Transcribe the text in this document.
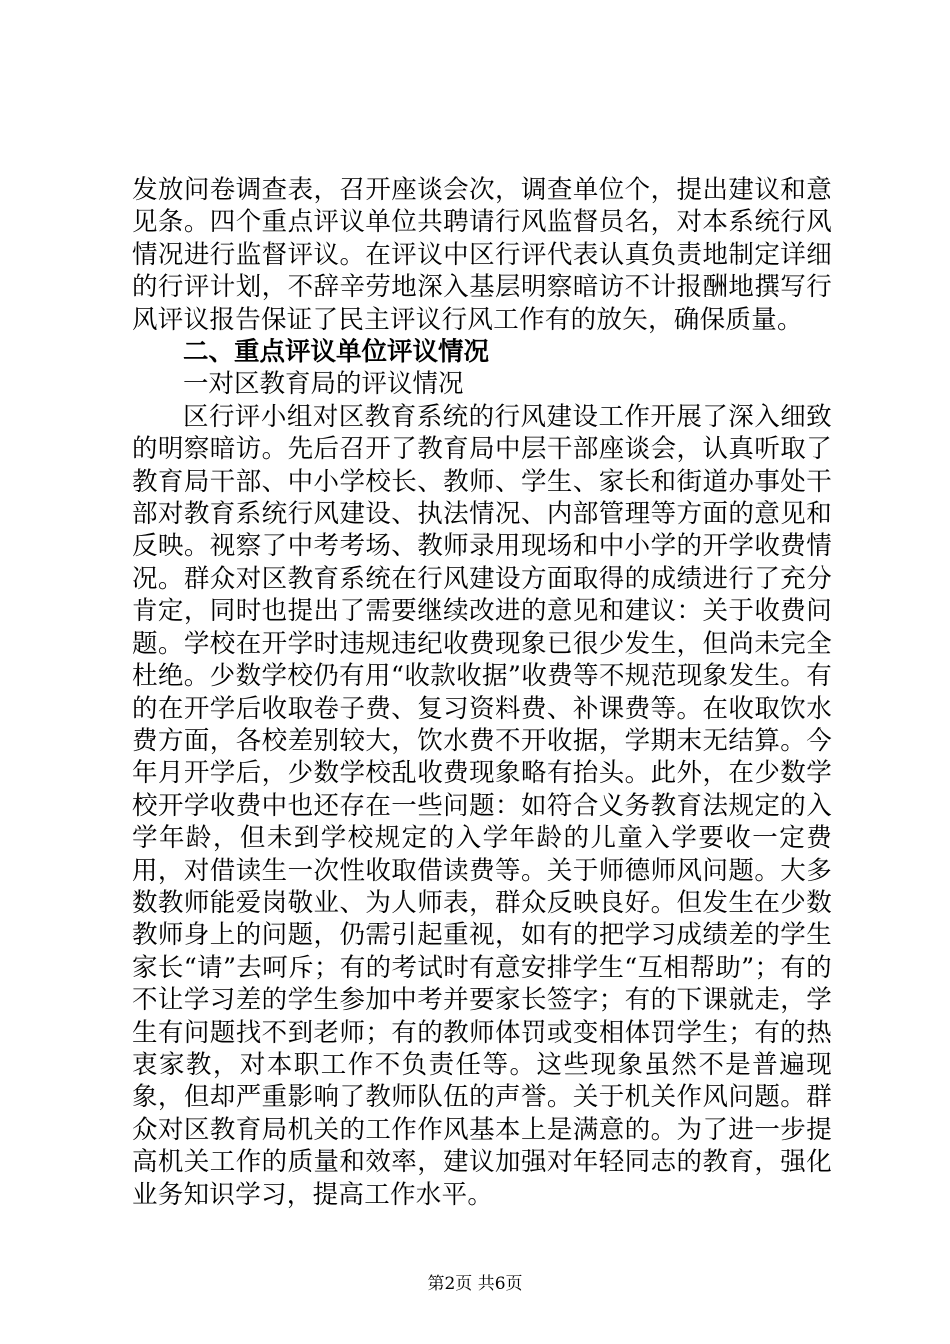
发放问卷调查表，召开座谈会次，调查单位个，提出建议和意见条。四个重点评议单位共聘请行风监督员名，对本系统行风情况进行监督评议。在评议中区行评代表认真负责地制定详细的行评计划，不辞辛劳地深入基层明察暗访不计报酬地撰写行风评议报告保证了民主评议行风工作有的放矢，确保质量。

二、重点评议单位评议情况

一对区教育局的评议情况

区行评小组对区教育系统的行风建设工作开展了深入细致的明察暗访。先后召开了教育局中层干部座谈会，认真听取了教育局干部、中小学校长、教师、学生、家长和街道办事处干部对教育系统行风建设、执法情况、内部管理等方面的意见和反映。视察了中考考场、教师录用现场和中小学的开学收费情况。群众对区教育系统在行风建设方面取得的成绩进行了充分肯定，同时也提出了需要继续改进的意见和建议：关于收费问题。学校在开学时违规违纪收费现象已很少发生，但尚未完全杜绝。少数学校仍有用“收款收据”收费等不规范现象发生。有的在开学后收取卷子费、复习资料费、补课费等。在收取饮水费方面，各校差别较大，饮水费不开收据，学期末无结算。今年月开学后，少数学校乱收费现象略有抬头。此外，在少数学校开学收费中也还存在一些问题：如符合义务教育法规定的入学年龄，但未到学校规定的入学年龄的儿童入学要收一定费用，对借读生一次性收取借读费等。关于师德师风问题。大多数教师能爱岗敬业、为人师表，群众反映良好。但发生在少数教师身上的问题，仍需引起重视，如有的把学习成绩差的学生家长“请”去呵斥；有的考试时有意安排学生“互相帮助”；有的不让学习差的学生参加中考并要家长签字；有的下课就走，学生有问题找不到老师；有的教师体罚或变相体罚学生；有的热衷家教，对本职工作不负责任等。这些现象虽然不是普遍现象，但却严重影响了教师队伍的声誉。关于机关作风问题。群众对区教育局机关的工作作风基本上是满意的。为了进一步提高机关工作的质量和效率，建议加强对年轻同志的教育，强化业务知识学习，提高工作水平。

第2页 共6页
